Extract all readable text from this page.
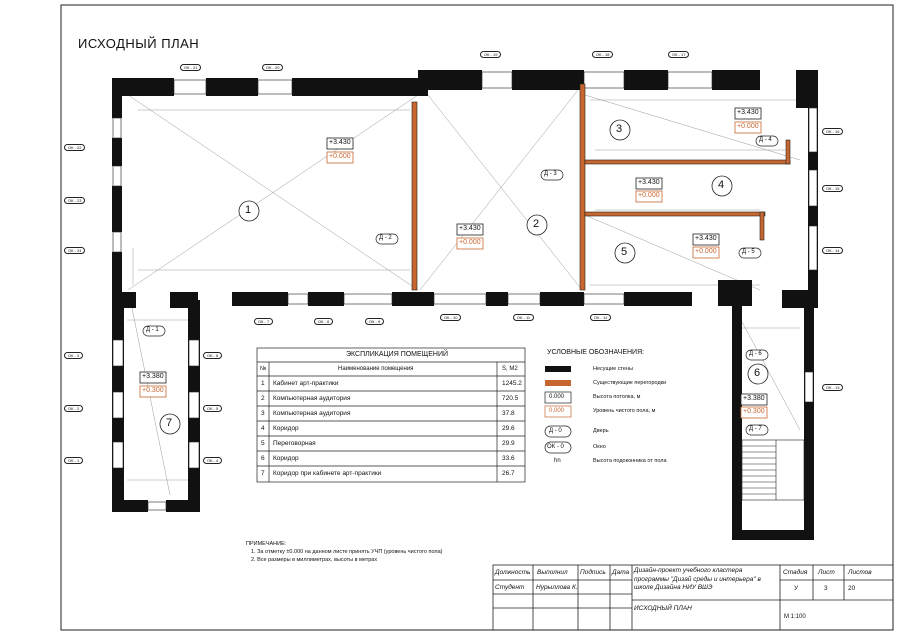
ИСХОДНЫЙ ПЛАН
1
+3.430
+0.000
2
+3.430
+0.000
3
+3.430
+0.000
4
+3.430
+0.000
5
+3.430
+0.000
6
+3.380
+0.300
7
+3.380
+0.300
Д - 1
Д - 2
Д - 3
Д - 4
Д - 5
Д - 6
Д - 7
ОК - 21	ОК - 20
ОК - 19	ОК - 18	ОК - 17
ОК - 22
ОК - 23
ОК - 24
ОК - 16
ОК - 15
ОК - 14
ОК - 13
ОК - 7	ОК - 8	ОК - 9
ОК - 10	ОК - 11	ОК - 12
ОК - 3
ОК - 2
ОК - 1
ОК - 6
ОК - 5
ОК - 4
ЭКСПЛИКАЦИЯ ПОМЕЩЕНИЙ
№	Наименование помещения	S, М2
1 Кабинет арт-практики	1245.2
2 Компьютерная аудитория	720.5
3 Компьютерная аудитория	37.8
4 Коридор	29.6
5 Переговорная	29.9
6 Коридор	33.6
7 Коридор при кабинете арт-практики	26.7
УСЛОВНЫЕ ОБОЗНАЧЕНИЯ:
Несущие стены
Существующие перегородки
0.000	Высота потолка, м
0.000	Уровень чистого пола, м
Д - 0	Дверь
ОК - 0	Окно
hn	Высота подоконника от пола
ПРИМЕЧАНИЕ:
1. За отметку ±0.000 на данном листе принять УЧП (уровень чистого пола)
2. Все размеры в миллиметрах, высоты в метрах
Должность Выполнил Подпись Дата
Студент Нурыллова К.
Дизайн-проект учебного кластера программы "Дизай среды и интерьера" в школе Дизайна НИУ ВШЭ
ИСХОДНЫЙ ПЛАН
Стадия Лист Листов
У	3	20
М 1:100
